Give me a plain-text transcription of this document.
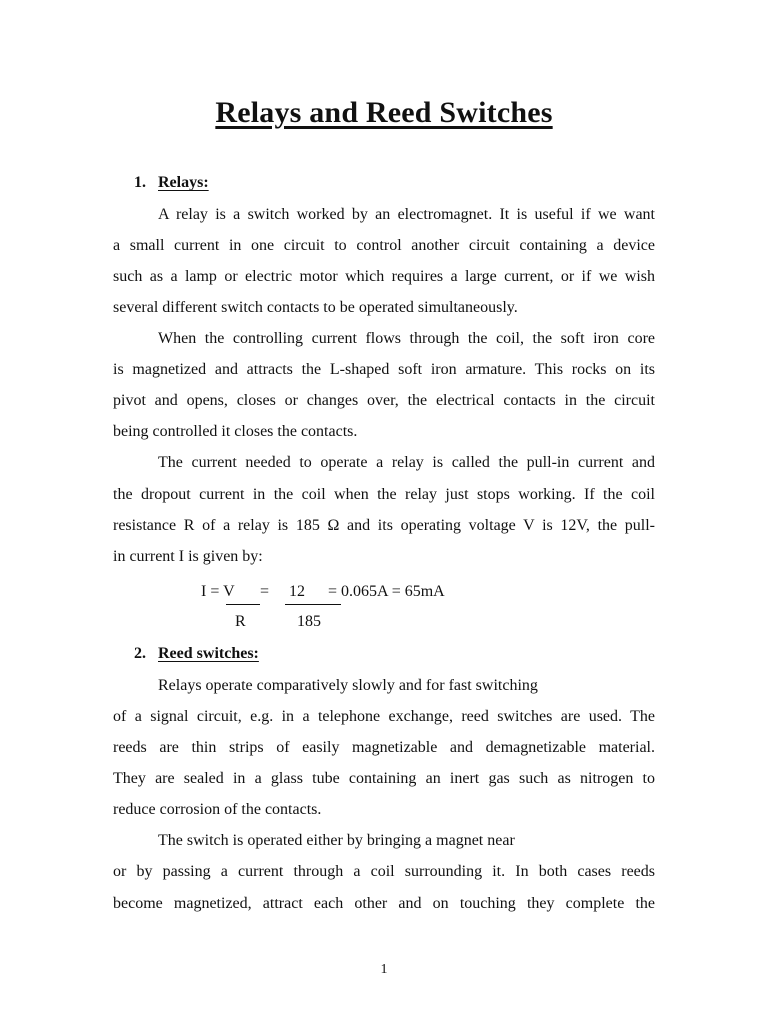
Relays and Reed Switches
1. Relays:
A relay is a switch worked by an electromagnet. It is useful if we want
a small current in one circuit to control another circuit containing a device
such as a lamp or electric motor which requires a large current, or if we wish
several different switch contacts to be operated simultaneously.
When the controlling current flows through the coil, the soft iron core
is magnetized and attracts the L-shaped soft iron armature. This rocks on its
pivot and opens, closes or changes over, the electrical contacts in the circuit
being controlled it closes the contacts.
The current needed to operate a relay is called the pull-in current and
the dropout current in the coil when the relay just stops working. If the coil
resistance R of a relay is 185 Ω and its operating voltage V is 12V, the pull-
in current I is given by:
I = V = 12 = 0.065A = 65mA
R	185
2. Reed switches:
Relays operate comparatively slowly and for fast switching
of a signal circuit, e.g. in a telephone exchange, reed switches are used. The
reeds are thin strips of easily magnetizable and demagnetizable material.
They are sealed in a glass tube containing an inert gas such as nitrogen to
reduce corrosion of the contacts.
The switch is operated either by bringing a magnet near
or by passing a current through a coil surrounding it. In both cases reeds
become magnetized, attract each other and on touching they complete the
1
